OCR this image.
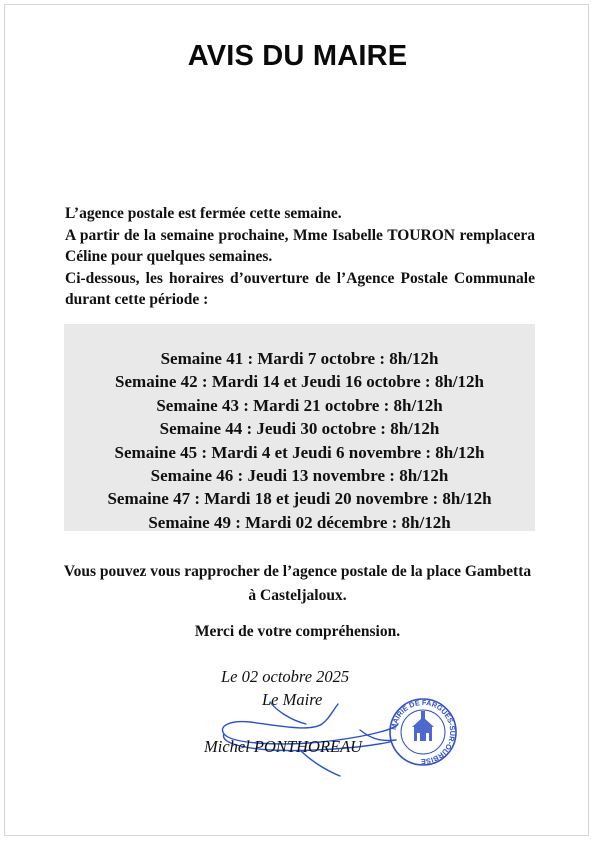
AVIS DU MAIRE

L’agence postale est fermée cette semaine.

A partir de la semaine prochaine, Mme Isabelle TOURON remplacera Céline pour quelques semaines.

Ci-dessous, les horaires d’ouverture de l’Agence Postale Communale durant cette période :

Semaine 41 : Mardi 7 octobre : 8h/12h
Semaine 42 : Mardi 14 et Jeudi 16 octobre : 8h/12h
Semaine 43 : Mardi 21 octobre : 8h/12h
Semaine 44 : Jeudi 30 octobre : 8h/12h
Semaine 45 : Mardi 4 et Jeudi 6 novembre : 8h/12h
Semaine 46 : Jeudi 13 novembre : 8h/12h
Semaine 47 : Mardi 18 et jeudi 20 novembre : 8h/12h
Semaine 49 : Mardi 02 décembre : 8h/12h
Vous pouvez vous rapprocher de l’agence postale de la place Gambetta à Casteljaloux.
Merci de votre compréhension.
Le 02 octobre 2025
Le Maire
MAIRIE DE FARGUES-SUR-OURBISE
Michel PONTHOREAU
